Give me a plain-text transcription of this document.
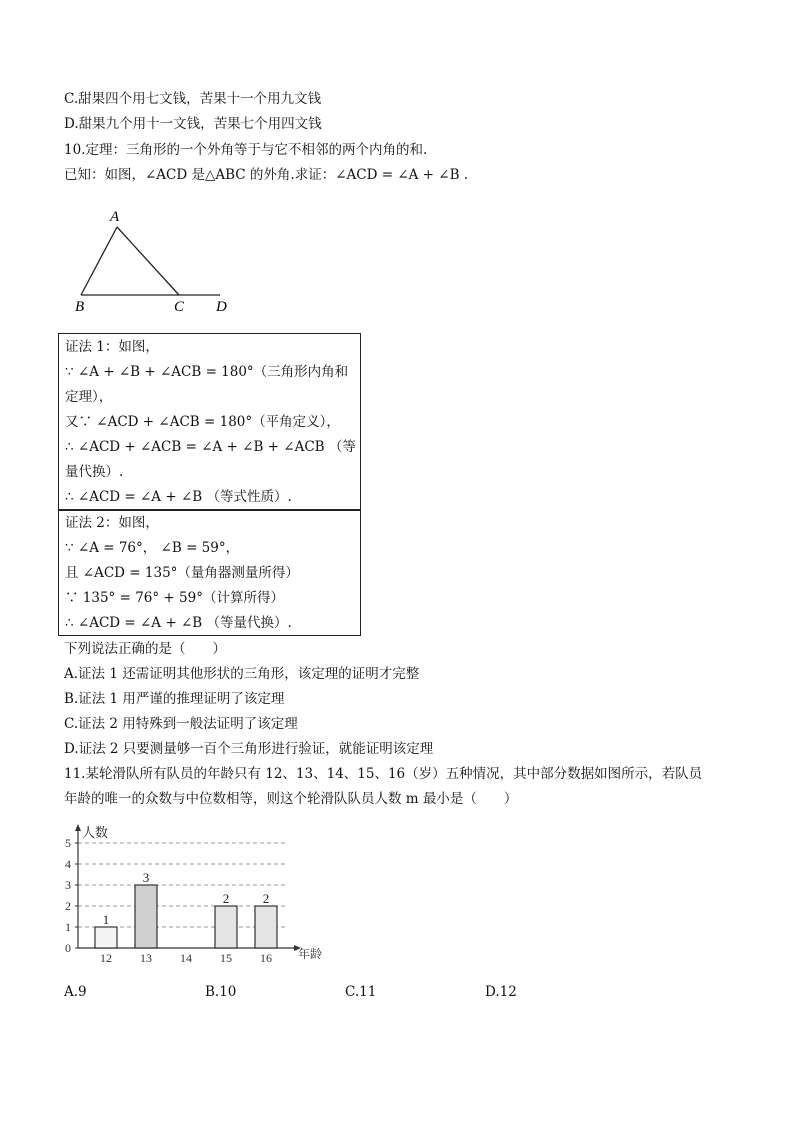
C.甜果四个用七文钱，苦果十一个用九文钱
D.甜果九个用十一文钱，苦果七个用四文钱
10.定理：三角形的一个外角等于与它不相邻的两个内角的和.
已知：如图，∠ACD 是△ABC 的外角.求证：∠ACD = ∠A + ∠B .
A
B	C D
证法 1：如图，
∵ ∠A + ∠B + ∠ACB = 180°（三角形内角和
定理），
又∵ ∠ACD + ∠ACB = 180°（平角定义），
∴ ∠ACD + ∠ACB = ∠A + ∠B + ∠ACB （等
量代换）.
∴ ∠ACD = ∠A + ∠B （等式性质）.
证法 2：如图，
∵ ∠A = 76°， ∠B = 59°，
且 ∠ACD = 135°（量角器测量所得）
∵ 135° = 76° + 59°（计算所得）
∴ ∠ACD = ∠A + ∠B （等量代换）.
下列说法正确的是（　　）
A.证法 1 还需证明其他形状的三角形，该定理的证明才完整
B.证法 1 用严谨的推理证明了该定理
C.证法 2 用特殊到一般法证明了该定理
D.证法 2 只要测量够一百个三角形进行验证，就能证明该定理
11.某轮滑队所有队员的年龄只有 12、13、14、15、16（岁）五种情况，其中部分数据如图所示，若队员
年龄的唯一的众数与中位数相等，则这个轮滑队队员人数 m 最小是（　　）
0
1
2
3
4
5
人数
年龄
1
12
3
13 14
2
15
2
16
A.9	B.10	C.11	D.12
